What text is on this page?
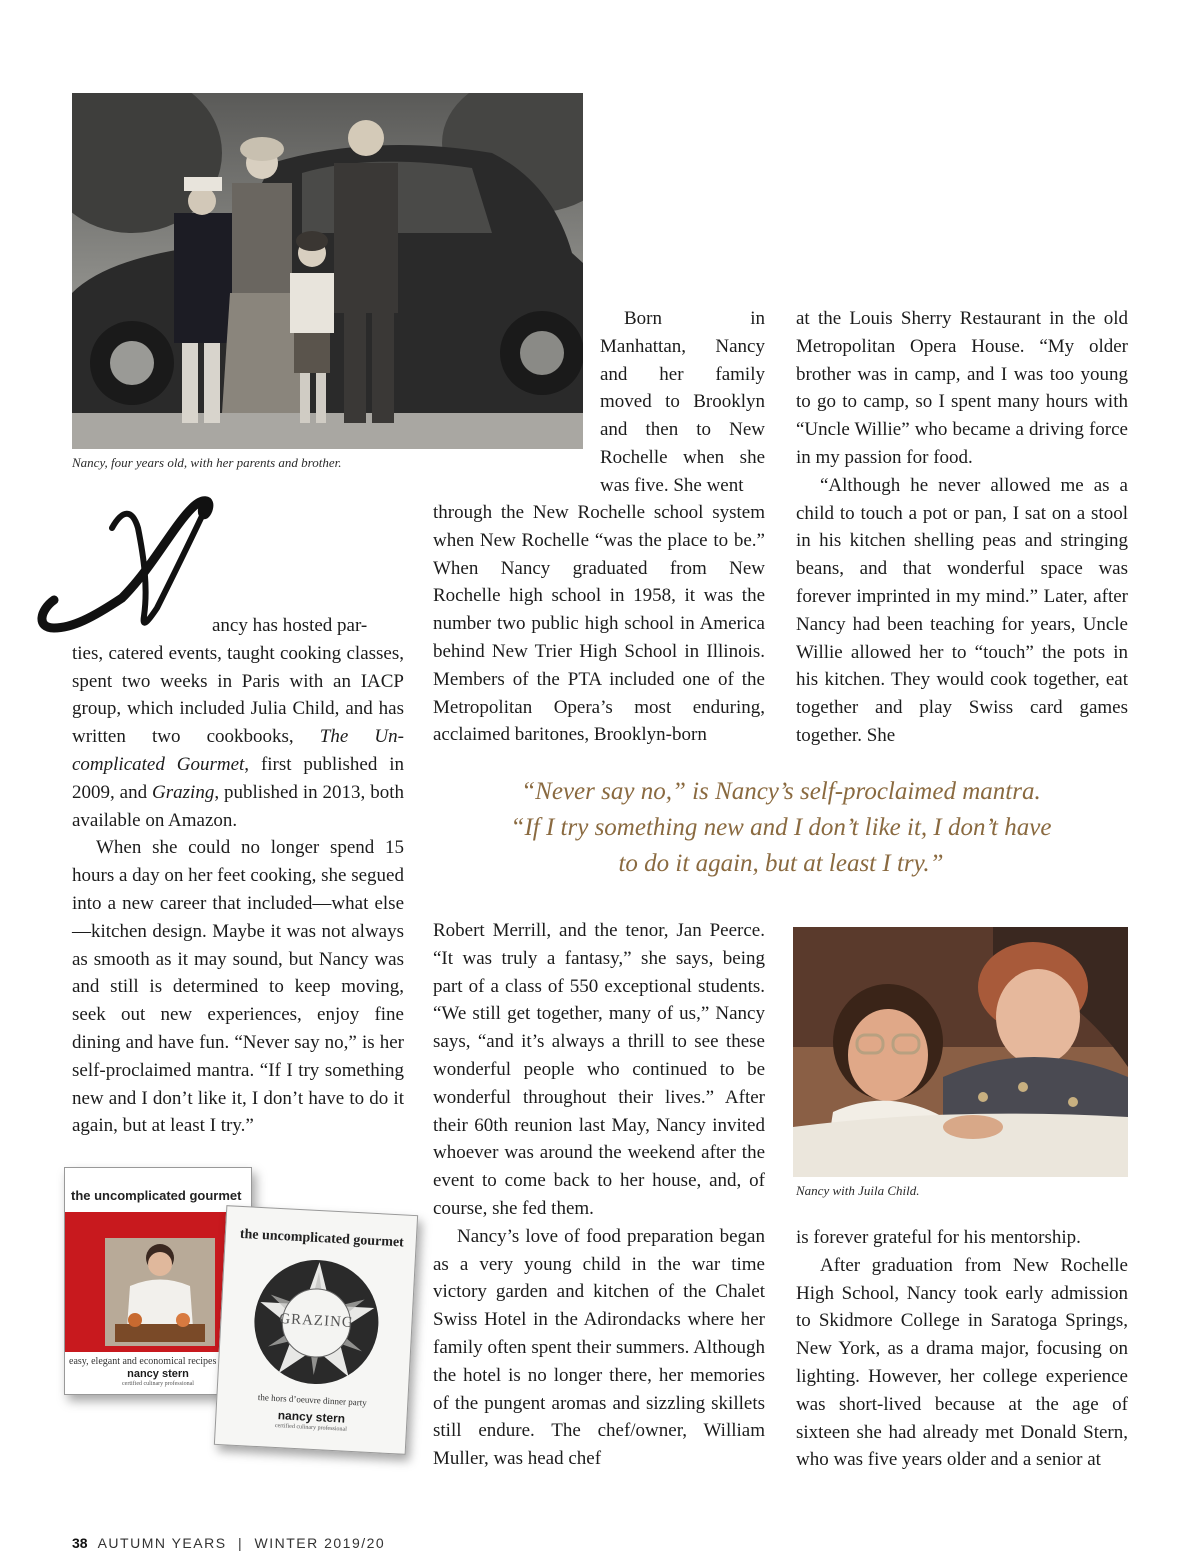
Nancy, four years old, with her parents and brother.

ancy has hosted par-

ties, catered events, taught cooking classes, spent two weeks in Paris with an IACP group, which included Julia Child, and has written two cookbooks, The Un-complicated Gourmet, first published in 2009, and Grazing, published in 2013, both available on Amazon.

When she could no longer spend 15 hours a day on her feet cooking, she segued into a new career that included—what else—kitchen design. Maybe it was not always as smooth as it may sound, but Nancy was and still is determined to keep moving, seek out new experiences, enjoy fine dining and have fun. “Never say no,” is her self-proclaimed mantra. “If I try something new and I don’t like it, I don’t have to do it again, but at least I try.”

Born in Manhattan, Nancy and her family moved to Brooklyn and then to New Rochelle when she was five. She went

through the New Rochelle school system when New Rochelle “was the place to be.” When Nancy graduated from New Rochelle high school in 1958, it was the number two public high school in America behind New Trier High School in Illinois. Members of the PTA included one of the Metropolitan Opera’s most enduring, acclaimed baritones, Brooklyn-born

at the Louis Sherry Restaurant in the old Metropolitan Opera House. “My older brother was in camp, and I was too young to go to camp, so I spent many hours with “Uncle Willie” who became a driving force in my passion for food.

“Although he never allowed me as a child to touch a pot or pan, I sat on a stool in his kitchen shelling peas and stringing beans, and that wonderful space was forever imprinted in my mind.” Later, after Nancy had been teaching for years, Uncle Willie allowed her to “touch” the pots in his kitchen. They would cook together, eat together and play Swiss card games together. She

“Never say no,” is Nancy’s self-proclaimed mantra.
“If I try something new and I don’t like it, I don’t have
to do it again, but at least I try.”

Robert Merrill, and the tenor, Jan Peerce. “It was truly a fantasy,” she says, being part of a class of 550 exceptional students. “We still get together, many of us,” Nancy says, “and it’s always a thrill to see these wonderful people who continued to be wonderful throughout their lives.” After their 60th reunion last May, Nancy invited whoever was around the weekend after the event to come back to her house, and, of course, she fed them.

Nancy’s love of food preparation began as a very young child in the war time victory garden and kitchen of the Chalet Swiss Hotel in the Adirondacks where her family often spent their summers. Although the hotel is no longer there, her memories of the pungent aromas and sizzling skillets still endure. The chef/owner, William Muller, was head chef

Nancy with Juila Child.

is forever grateful for his mentorship.

After graduation from New Rochelle High School, Nancy took early admission to Skidmore College in Saratoga Springs, New York, as a drama major, focusing on lighting. However, her college experience was short-lived because at the age of sixteen she had already met Donald Stern, who was five years older and a senior at

the uncomplicated gourmet
easy, elegant and economical recipes
nancy stern
certified culinary professional
the uncomplicated gourmet
GRAZING
the hors d’oeuvre dinner party
nancy stern
certified culinary professional
38 AUTUMN YEARS | WINTER 2019/20
